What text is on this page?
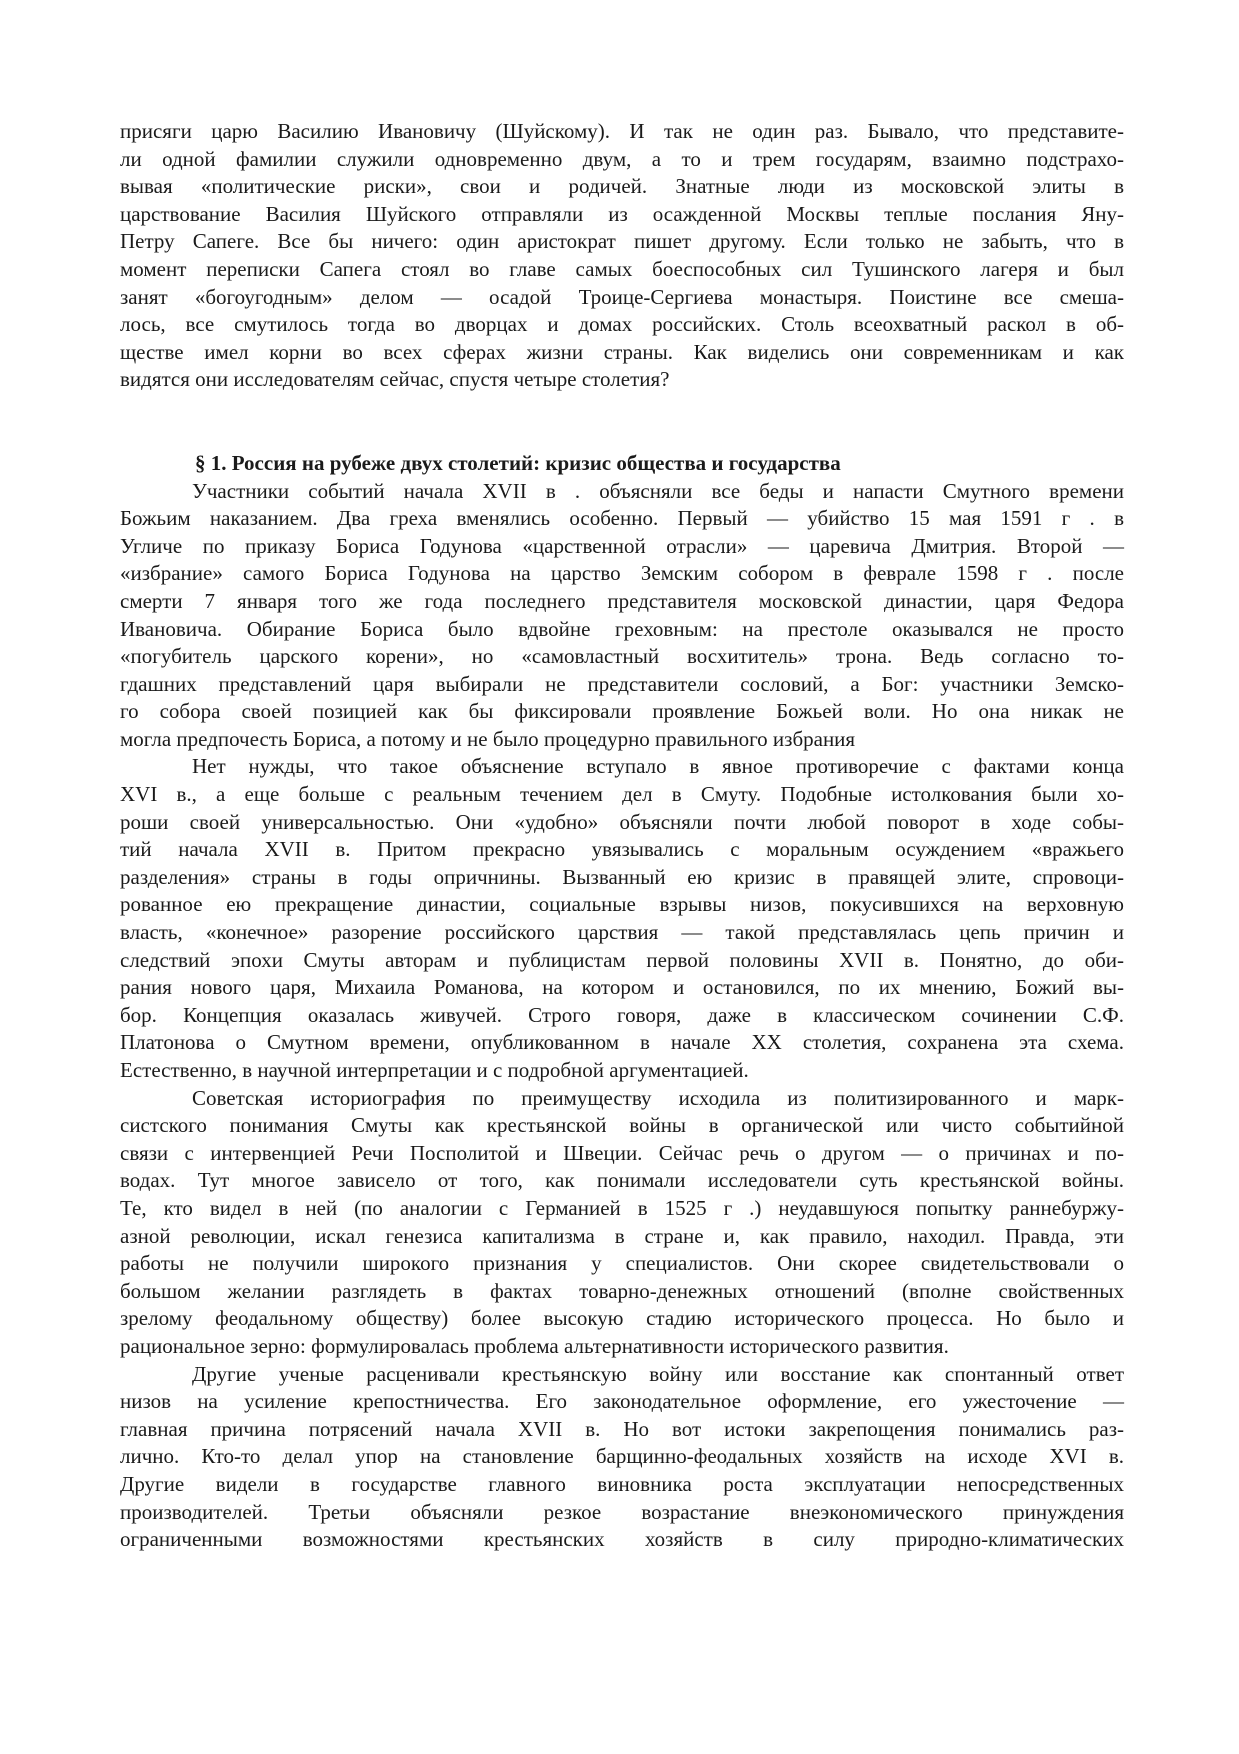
присяги царю Василию Ивановичу (Шуйскому). И так не один раз. Бывало, что представите-
ли одной фамилии служили одновременно двум, а то и трем государям, взаимно подстрахо-
вывая «политические риски», свои и родичей. Знатные люди из московской элиты в
царствование Василия Шуйского отправляли из осажденной Москвы теплые послания Яну-
Петру Сапеге. Все бы ничего: один аристократ пишет другому. Если только не забыть, что в
момент переписки Сапега стоял во главе самых боеспособных сил Тушинского лагеря и был
занят «богоугодным» делом — осадой Троице-Сергиева монастыря. Поистине все смеша-
лось, все смутилось тогда во дворцах и домах российских. Столь всеохватный раскол в об-
ществе имел корни во всех сферах жизни страны. Как виделись они современникам и как
видятся они исследователям сейчас, спустя четыре столетия?
§ 1. Россия на рубеже двух столетий: кризис общества и государства
Участники событий начала XVII в . объясняли все беды и напасти Смутного времени
Божьим наказанием. Два греха вменялись особенно. Первый — убийство 15 мая 1591 г . в
Угличе по приказу Бориса Годунова «царственной отрасли» — царевича Дмитрия. Второй —
«избрание» самого Бориса Годунова на царство Земским собором в феврале 1598 г . после
смерти 7 января того же года последнего представителя московской династии, царя Федора
Ивановича. Обирание Бориса было вдвойне греховным: на престоле оказывался не просто
«погубитель царского корени», но «самовластный восхититель» трона. Ведь согласно то-
гдашних представлений царя выбирали не представители сословий, а Бог: участники Земско-
го собора своей позицией как бы фиксировали проявление Божьей воли. Но она никак не
могла предпочесть Бориса, а потому и не было процедурно правильного избрания
Нет нужды, что такое объяснение вступало в явное противоречие с фактами конца
XVI в., а еще больше с реальным течением дел в Смуту. Подобные истолкования были хо-
роши своей универсальностью. Они «удобно» объясняли почти любой поворот в ходе собы-
тий начала XVII в. Притом прекрасно увязывались с моральным осуждением «вражьего
разделения» страны в годы опричнины. Вызванный ею кризис в правящей элите, спровоци-
рованное ею прекращение династии, социальные взрывы низов, покусившихся на верховную
власть, «конечное» разорение российского царствия — такой представлялась цепь причин и
следствий эпохи Смуты авторам и публицистам первой половины XVII в. Понятно, до оби-
рания нового царя, Михаила Романова, на котором и остановился, по их мнению, Божий вы-
бор. Концепция оказалась живучей. Строго говоря, даже в классическом сочинении С.Ф.
Платонова о Смутном времени, опубликованном в начале XX столетия, сохранена эта схема.
Естественно, в научной интерпретации и с подробной аргументацией.
Советская историография по преимуществу исходила из политизированного и марк-
систского понимания Смуты как крестьянской войны в органической или чисто событийной
связи с интервенцией Речи Посполитой и Швеции. Сейчас речь о другом — о причинах и по-
водах. Тут многое зависело от того, как понимали исследователи суть крестьянской войны.
Те, кто видел в ней (по аналогии с Германией в 1525 г .) неудавшуюся попытку раннебуржу-
азной революции, искал генезиса капитализма в стране и, как правило, находил. Правда, эти
работы не получили широкого признания у специалистов. Они скорее свидетельствовали о
большом желании разглядеть в фактах товарно-денежных отношений (вполне свойственных
зрелому феодальному обществу) более высокую стадию исторического процесса. Но было и
рациональное зерно: формулировалась проблема альтернативности исторического развития.
Другие ученые расценивали крестьянскую войну или восстание как спонтанный ответ
низов на усиление крепостничества. Его законодательное оформление, его ужесточение —
главная причина потрясений начала XVII в. Но вот истоки закрепощения понимались раз-
лично. Кто-то делал упор на становление барщинно-феодальных хозяйств на исходе XVI в.
Другие видели в государстве главного виновника роста эксплуатации непосредственных
производителей. Третьи объясняли резкое возрастание внеэкономического принуждения
ограниченными возможностями крестьянских хозяйств в силу природно-климатических
